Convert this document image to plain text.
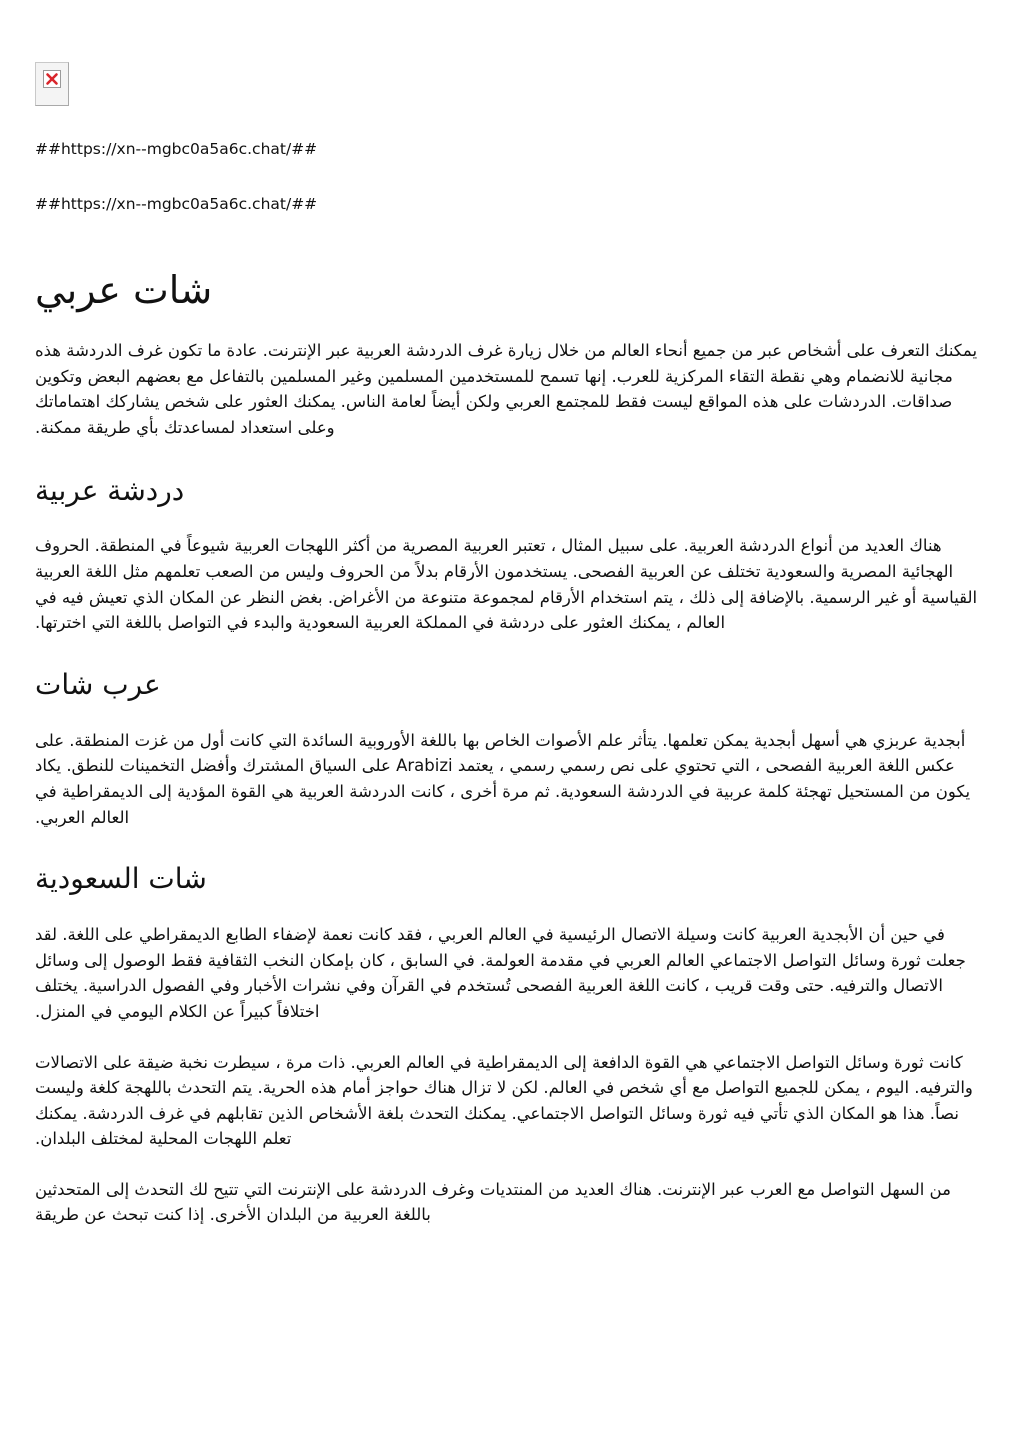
##https://xn--mgbc0a5a6c.chat/##

##https://xn--mgbc0a5a6c.chat/##

شات عربي

يمكنك التعرف على أشخاص عبر من جميع أنحاء العالم من خلال زيارة غرف الدردشة العربية عبر الإنترنت. عادة ما تكون غرف الدردشة هذه مجانية للانضمام وهي نقطة التقاء المركزية للعرب. إنها تسمح للمستخدمين المسلمين وغير المسلمين بالتفاعل مع بعضهم البعض وتكوين صداقات. الدردشات على هذه المواقع ليست فقط للمجتمع العربي ولكن أيضاً لعامة الناس. يمكنك العثور على شخص يشاركك اهتماماتك وعلى استعداد لمساعدتك بأي طريقة ممكنة.

دردشة عربية

هناك العديد من أنواع الدردشة العربية. على سبيل المثال ، تعتبر العربية المصرية من أكثر اللهجات العربية شيوعاً في المنطقة. الحروف الهجائية المصرية والسعودية تختلف عن العربية الفصحى. يستخدمون الأرقام بدلاً من الحروف وليس من الصعب تعلمهم مثل اللغة العربية القياسية أو غير الرسمية. بالإضافة إلى ذلك ، يتم استخدام الأرقام لمجموعة متنوعة من الأغراض. بغض النظر عن المكان الذي تعيش فيه في العالم ، يمكنك العثور على دردشة في المملكة العربية السعودية والبدء في التواصل باللغة التي اخترتها.

عرب شات

أبجدية عربزي هي أسهل أبجدية يمكن تعلمها. يتأثر علم الأصوات الخاص بها باللغة الأوروبية السائدة التي كانت أول من غزت المنطقة. على عكس اللغة العربية الفصحى ، التي تحتوي على نص رسمي رسمي ، يعتمد Arabizi على السياق المشترك وأفضل التخمينات للنطق. يكاد يكون من المستحيل تهجئة كلمة عربية في الدردشة السعودية. ثم مرة أخرى ، كانت الدردشة العربية هي القوة المؤدية إلى الديمقراطية في العالم العربي.

شات السعودية

في حين أن الأبجدية العربية كانت وسيلة الاتصال الرئيسية في العالم العربي ، فقد كانت نعمة لإضفاء الطابع الديمقراطي على اللغة. لقد جعلت ثورة وسائل التواصل الاجتماعي العالم العربي في مقدمة العولمة. في السابق ، كان بإمكان النخب الثقافية فقط الوصول إلى وسائل الاتصال والترفيه. حتى وقت قريب ، كانت اللغة العربية الفصحى تُستخدم في القرآن وفي نشرات الأخبار وفي الفصول الدراسية. يختلف اختلافاً كبيراً عن الكلام اليومي في المنزل.

كانت ثورة وسائل التواصل الاجتماعي هي القوة الدافعة إلى الديمقراطية في العالم العربي. ذات مرة ، سيطرت نخبة ضيقة على الاتصالات والترفيه. اليوم ، يمكن للجميع التواصل مع أي شخص في العالم. لكن لا تزال هناك حواجز أمام هذه الحرية. يتم التحدث باللهجة كلغة وليست نصاً. هذا هو المكان الذي تأتي فيه ثورة وسائل التواصل الاجتماعي. يمكنك التحدث بلغة الأشخاص الذين تقابلهم في غرف الدردشة. يمكنك تعلم اللهجات المحلية لمختلف البلدان.

من السهل التواصل مع العرب عبر الإنترنت. هناك العديد من المنتديات وغرف الدردشة على الإنترنت التي تتيح لك التحدث إلى المتحدثين باللغة العربية من البلدان الأخرى. إذا كنت تبحث عن طريقة
